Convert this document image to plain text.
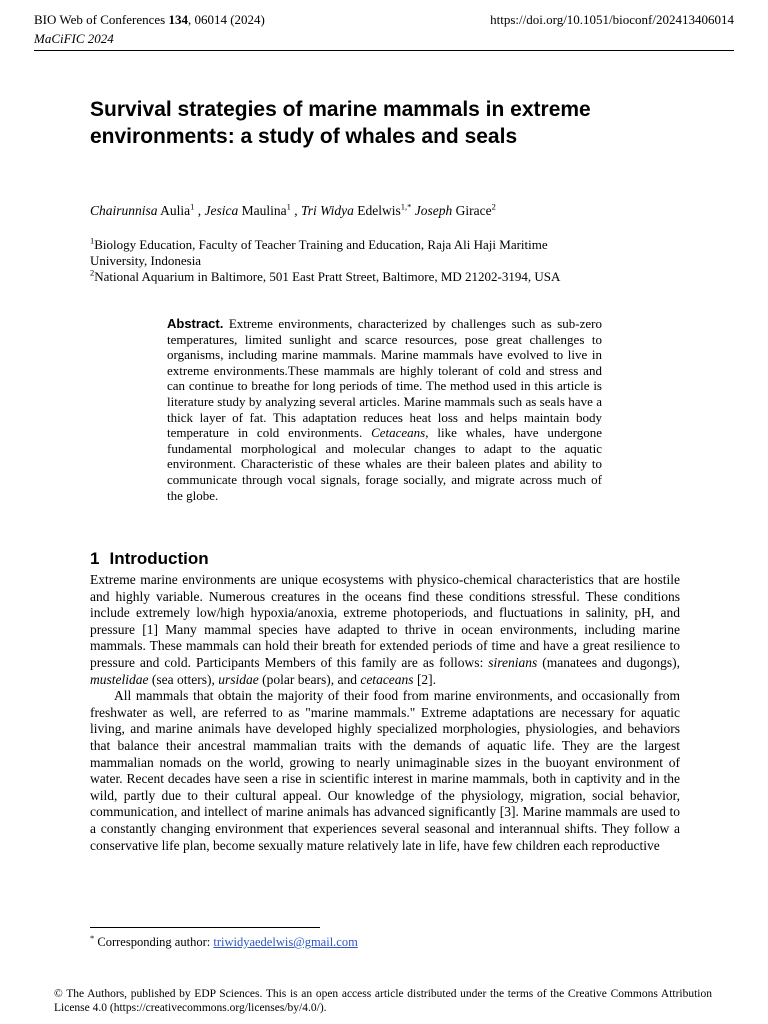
BIO Web of Conferences 134, 06014 (2024)	https://doi.org/10.1051/bioconf/202413406014
MaCiFIC 2024
Survival strategies of marine mammals in extreme environments: a study of whales and seals
Chairunnisa Aulia$^1$ , Jesica Maulina$^1$ , Tri Widya Edelwis$^{1,*}$ Joseph Girace$^2$
$^1$Biology Education, Faculty of Teacher Training and Education, Raja Ali Haji Maritime
University, Indonesia
$^2$National Aquarium in Baltimore, 501 East Pratt Street, Baltimore, MD 21202-3194, USA
Abstract. Extreme environments, characterized by challenges such as sub-zero temperatures, limited sunlight and scarce resources, pose great challenges to organisms, including marine mammals. Marine mammals have evolved to live in extreme environments.These mammals are highly tolerant of cold and stress and can continue to breathe for long periods of time. The method used in this article is literature study by analyzing several articles. Marine mammals such as seals have a thick layer of fat. This adaptation reduces heat loss and helps maintain body temperature in cold environments. Cetaceans, like whales, have undergone fundamental morphological and molecular changes to adapt to the aquatic environment. Characteristic of these whales are their baleen plates and ability to communicate through vocal signals, forage socially, and migrate across much of the globe.
1 Introduction

Extreme marine environments are unique ecosystems with physico-chemical characteristics that are hostile and highly variable. Numerous creatures in the oceans find these conditions stressful. These conditions include extremely low/high hypoxia/anoxia, extreme photoperiods, and fluctuations in salinity, pH, and pressure [1] Many mammal species have adapted to thrive in ocean environments, including marine mammals. These mammals can hold their breath for extended periods of time and have a great resilience to pressure and cold. Participants Members of this family are as follows: sirenians (manatees and dugongs), mustelidae (sea otters), ursidae (polar bears), and cetaceans [2].

All mammals that obtain the majority of their food from marine environments, and occasionally from freshwater as well, are referred to as "marine mammals." Extreme adaptations are necessary for aquatic living, and marine animals have developed highly specialized morphologies, physiologies, and behaviors that balance their ancestral mammalian traits with the demands of aquatic life. They are the largest mammalian nomads on the world, growing to nearly unimaginable sizes in the buoyant environment of water. Recent decades have seen a rise in scientific interest in marine mammals, both in captivity and in the wild, partly due to their cultural appeal. Our knowledge of the physiology, migration, social behavior, communication, and intellect of marine animals has advanced significantly [3]. Marine mammals are used to a constantly changing environment that experiences several seasonal and interannual shifts. They follow a conservative life plan, become sexually mature relatively late in life, have few children each reproductive

* Corresponding author: triwidyaedelwis@gmail.com
© The Authors, published by EDP Sciences. This is an open access article distributed under the terms of the Creative Commons Attribution License 4.0 (https://creativecommons.org/licenses/by/4.0/).
